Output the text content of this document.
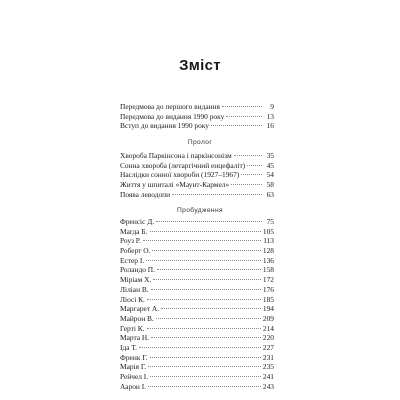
Зміст
Передмова до першого видання	9
Передмова до видання 1990 року	13
Вступ до видання 1990 року	16
Пролог
Хвороба Паркінсона і паркінсонізм	35
Сонна хвороба (летаргічний енцефаліт)	45
Наслідки сонної хвороби (1927–1967)	54
Життя у шпиталі «Маунт-Кармел»	58
Поява леводопи	63
Пробудження
Френсіс Д.	75
Магда Б.	105
Роуз Р.	113
Роберт О.	128
Естер І.	136
Роландо П.	158
Міріам Х.	172
Ліліан В.	176
Ліосі К.	185
Маргарет А.	194
Майрон В.	209
Герті К.	214
Марта Н.	220
Іда Т.	227
Френк Г.	231
Марія Г.	235
Рейчел І.	241
Аарон І.	243
